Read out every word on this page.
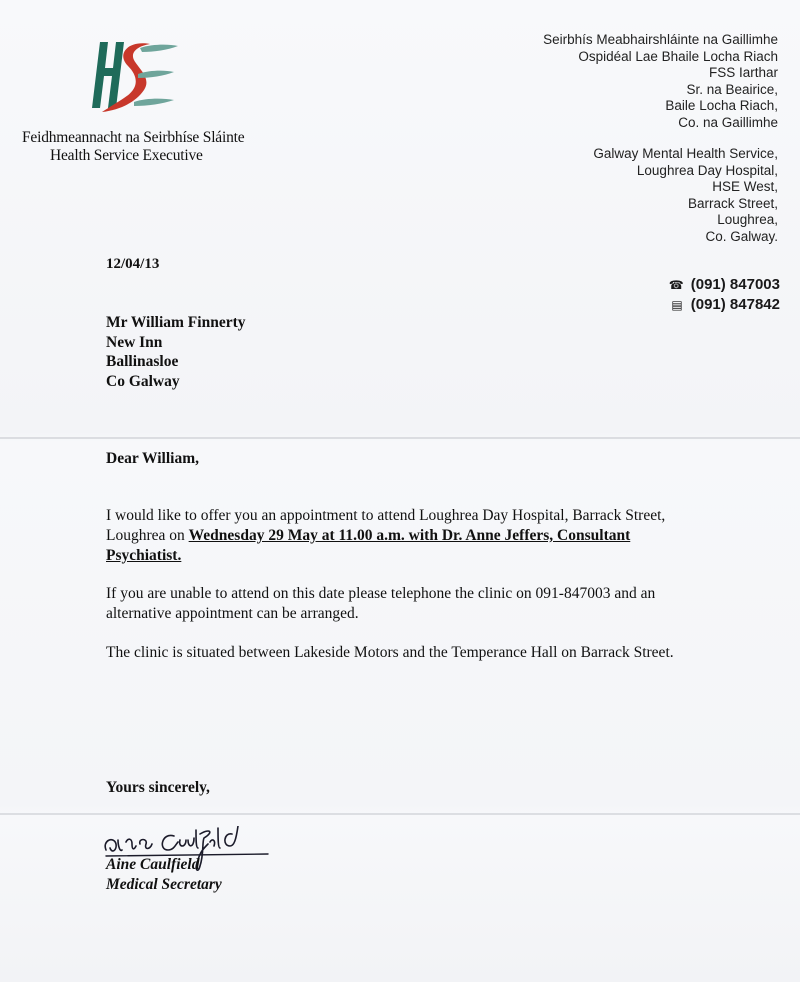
Feidhmeannacht na Seirbhíse Sláinte
Health Service Executive
Seirbhís Meabhairshláinte na Gaillimhe
Ospidéal Lae Bhaile Locha Riach
FSS Iarthar
Sr. na Beairice,
Baile Locha Riach,
Co. na Gaillimhe
Galway Mental Health Service,
Loughrea Day Hospital,
HSE West,
Barrack Street,
Loughrea,
Co. Galway.
☎ (091) 847003
▤ (091) 847842
12/04/13
Mr William Finnerty
New Inn
Ballinasloe
Co Galway
Dear William,
I would like to offer you an appointment to attend Loughrea Day Hospital, Barrack Street, Loughrea on Wednesday 29 May at 11.00 a.m. with Dr. Anne Jeffers, Consultant Psychiatist.
If you are unable to attend on this date please telephone the clinic on 091-847003 and an alternative appointment can be arranged.
The clinic is situated between Lakeside Motors and the Temperance Hall on Barrack Street.
Yours sincerely,
Aine Caulfield
Medical Secretary
